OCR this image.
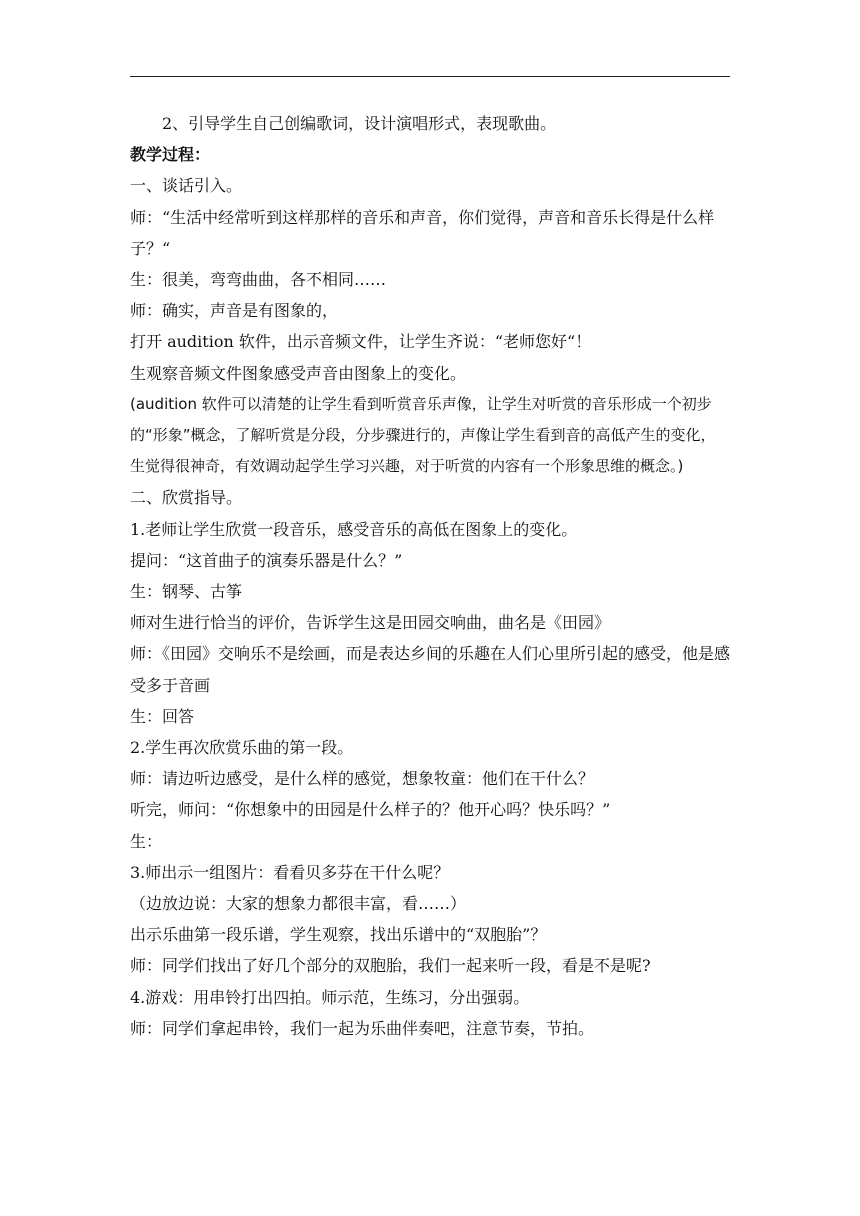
2、引导学生自己创编歌词，设计演唱形式，表现歌曲。

教学过程：

一、谈话引入。

师：“生活中经常听到这样那样的音乐和声音，你们觉得，声音和音乐长得是什么样子？“

生：很美，弯弯曲曲，各不相同……

师：确实，声音是有图象的，

打开 audition 软件，出示音频文件，让学生齐说：“老师您好“！

生观察音频文件图象感受声音由图象上的变化。

(audition 软件可以清楚的让学生看到听赏音乐声像，让学生对听赏的音乐形成一个初步的“形象”概念，了解听赏是分段，分步骤进行的，声像让学生看到音的高低产生的变化，生觉得很神奇，有效调动起学生学习兴趣，对于听赏的内容有一个形象思维的概念。)

二、欣赏指导。

1.老师让学生欣赏一段音乐，感受音乐的高低在图象上的变化。

提问：“这首曲子的演奏乐器是什么？”

生：钢琴、古筝

师对生进行恰当的评价，告诉学生这是田园交响曲，曲名是《田园》

师：《田园》交响乐不是绘画，而是表达乡间的乐趣在人们心里所引起的感受，他是感受多于音画

生：回答

2.学生再次欣赏乐曲的第一段。

师：请边听边感受，是什么样的感觉，想象牧童：他们在干什么？

听完，师问：“你想象中的田园是什么样子的？他开心吗？快乐吗？”

生：

3.师出示一组图片：看看贝多芬在干什么呢？

（边放边说：大家的想象力都很丰富，看……）

出示乐曲第一段乐谱，学生观察，找出乐谱中的“双胞胎”？

师：同学们找出了好几个部分的双胞胎，我们一起来听一段，看是不是呢?

4.游戏：用串铃打出四拍。师示范，生练习，分出强弱。

师：同学们拿起串铃，我们一起为乐曲伴奏吧，注意节奏，节拍。
